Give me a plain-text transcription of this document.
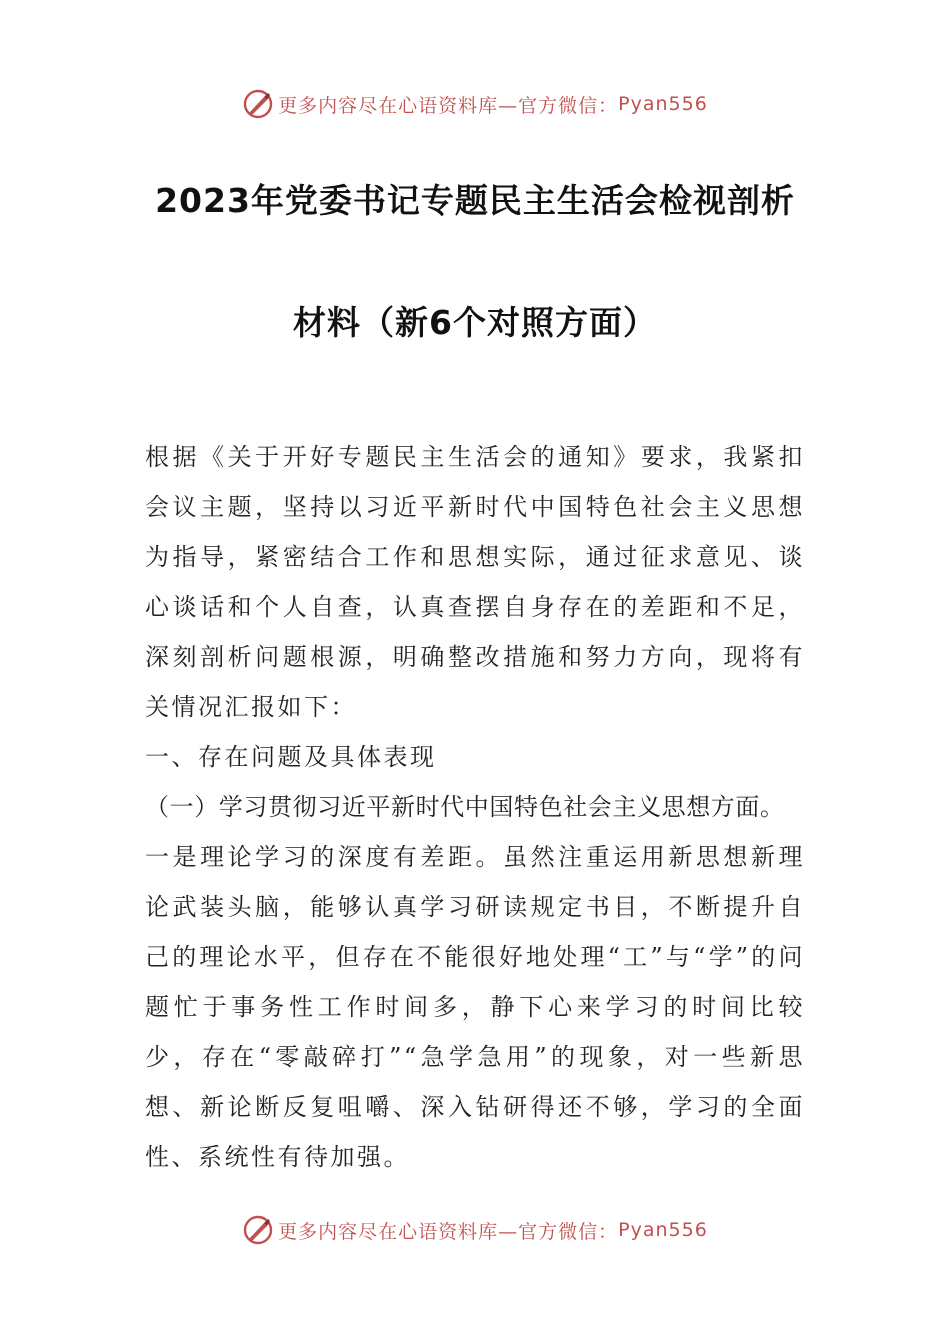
更多内容尽在心语资料库—官方微信： Pyan556
2023年党委书记专题民主生活会检视剖析
材料（新6个对照方面）

根据《关于开好专题民主生活会的通知》要求，我紧扣会议主题，坚持以习近平新时代中国特色社会主义思想为指导，紧密结合工作和思想实际，通过征求意见、谈心谈话和个人自查，认真查摆自身存在的差距和不足，深刻剖析问题根源，明确整改措施和努力方向，现将有关情况汇报如下：

一、存在问题及具体表现

（一）学习贯彻习近平新时代中国特色社会主义思想方面。

一是理论学习的深度有差距。虽然注重运用新思想新理论武装头脑，能够认真学习研读规定书目，不断提升自己的理论水平，但存在不能很好地处理“工”与“学”的问题忙于事务性工作时间多，静下心来学习的时间比较少，存在“零敲碎打”“急学急用”的现象，对一些新思想、新论断反复咀嚼、深入钻研得还不够，学习的全面性、系统性有待加强。

更多内容尽在心语资料库—官方微信： Pyan556
